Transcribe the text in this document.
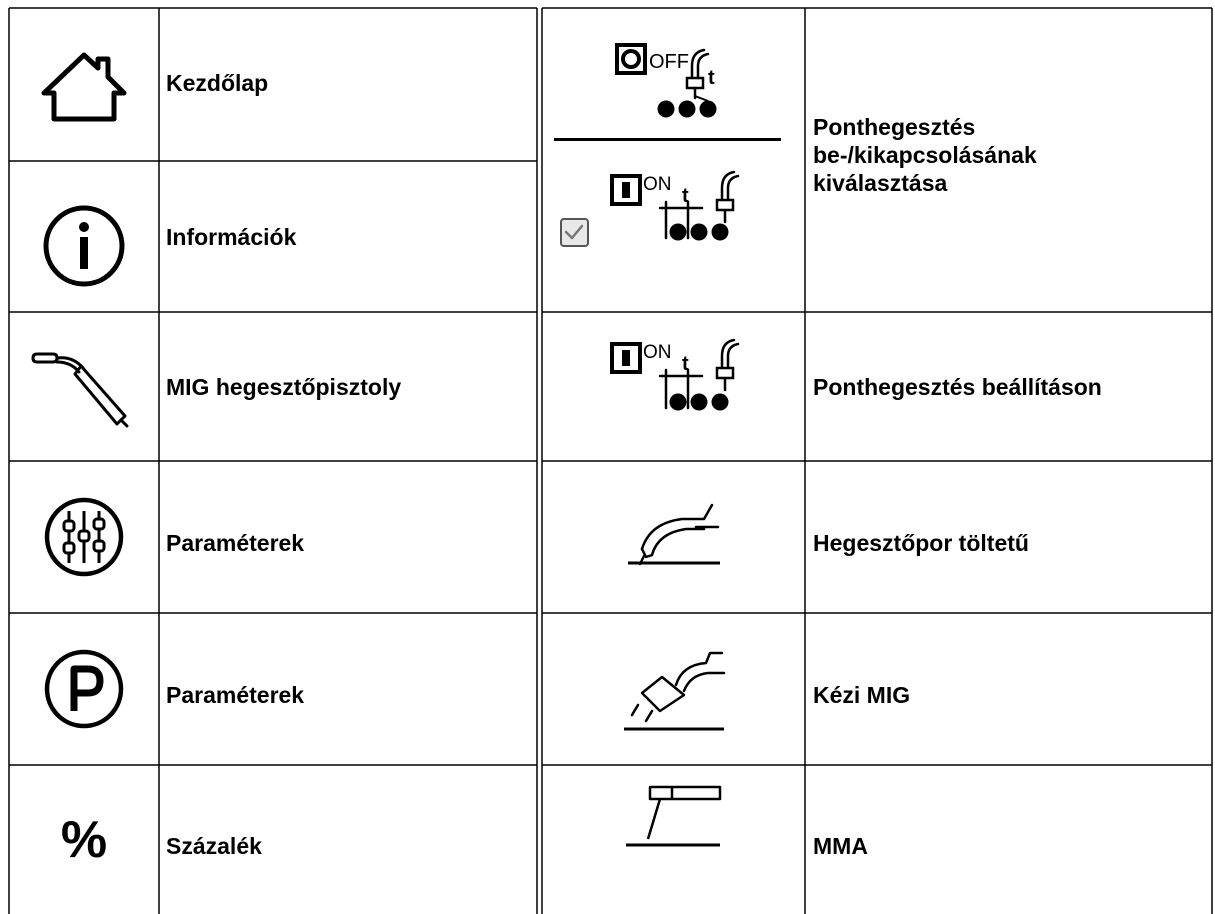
Kezdőlap
Információk
MIG hegesztőpisztoly
Paraméterek
Paraméterek
%	Százalék
OFF
t
ON
t
Ponthegesztés be-/kikapcsolásának kiválasztása
ON
t
Ponthegesztés beállításon
Hegesztőpor töltetű
Kézi MIG
MMA
